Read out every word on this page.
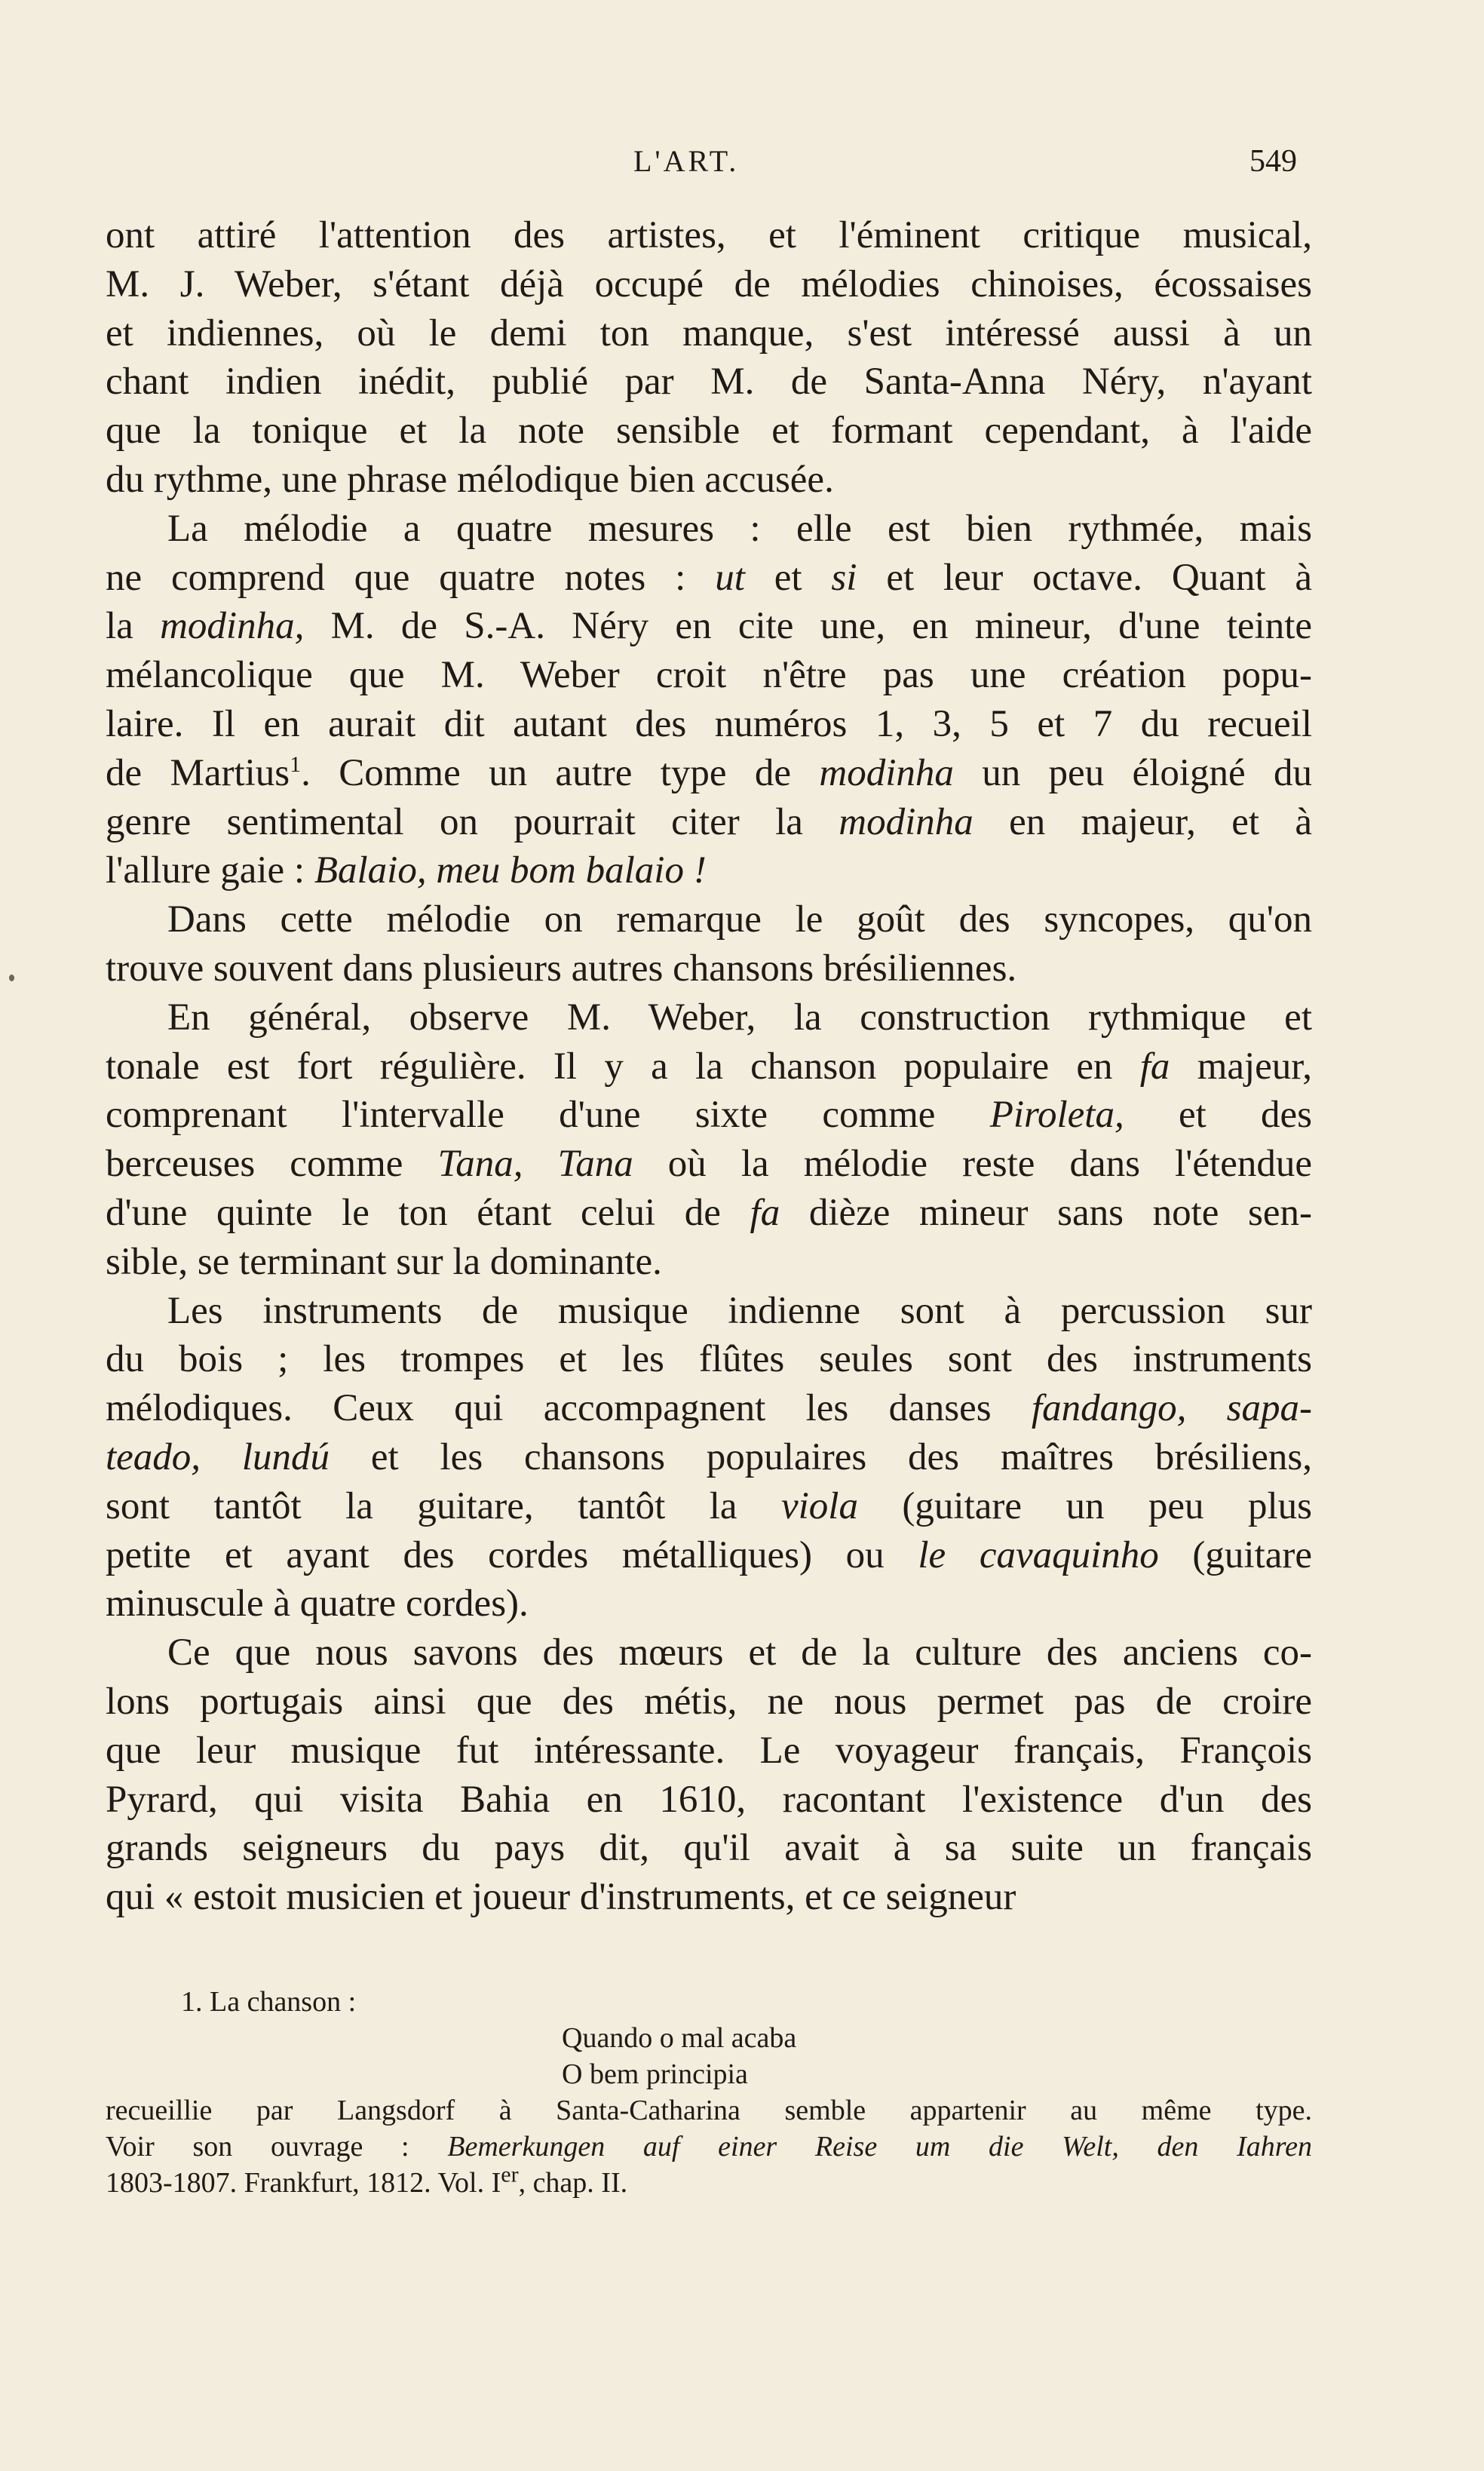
L'ART.	549

ont attiré l'attention des artistes, et l'éminent critique musical,
M. J. Weber, s'étant déjà occupé de mélodies chinoises, écossaises
et indiennes, où le demi ton manque, s'est intéressé aussi à un
chant indien inédit, publié par M. de Santa-Anna Néry, n'ayant
que la tonique et la note sensible et formant cependant, à l'aide
du rythme, une phrase mélodique bien accusée.

La mélodie a quatre mesures : elle est bien rythmée, mais
ne comprend que quatre notes : ut et si et leur octave. Quant à
la modinha, M. de S.-A. Néry en cite une, en mineur, d'une teinte
mélancolique que M. Weber croit n'être pas une création popu-
laire. Il en aurait dit autant des numéros 1, 3, 5 et 7 du recueil
de Martius$^1$. Comme un autre type de modinha un peu éloigné du
genre sentimental on pourrait citer la modinha en majeur, et à
l'allure gaie : Balaio, meu bom balaio !

Dans cette mélodie on remarque le goût des syncopes, qu'on
trouve souvent dans plusieurs autres chansons brésiliennes.

En général, observe M. Weber, la construction rythmique et
tonale est fort régulière. Il y a la chanson populaire en fa majeur,
comprenant l'intervalle d'une sixte comme Piroleta, et des
berceuses comme Tana, Tana où la mélodie reste dans l'étendue
d'une quinte le ton étant celui de fa dièze mineur sans note sen-
sible, se terminant sur la dominante.

Les instruments de musique indienne sont à percussion sur
du bois ; les trompes et les flûtes seules sont des instruments
mélodiques. Ceux qui accompagnent les danses fandango, sapa-
teado, lundú et les chansons populaires des maîtres brésiliens,
sont tantôt la guitare, tantôt la viola (guitare un peu plus
petite et ayant des cordes métalliques) ou le cavaquinho (guitare
minuscule à quatre cordes).

Ce que nous savons des mœurs et de la culture des anciens co-
lons portugais ainsi que des métis, ne nous permet pas de croire
que leur musique fut intéressante. Le voyageur français, François
Pyrard, qui visita Bahia en 1610, racontant l'existence d'un des
grands seigneurs du pays dit, qu'il avait à sa suite un français
qui « estoit musicien et joueur d'instruments, et ce seigneur

1. La chanson :
Quando o mal acaba
O bem principia
recueillie par Langsdorf à Santa-Catharina semble appartenir au même type.
Voir son ouvrage : Bemerkungen auf einer Reise um die Welt, den Iahren
1803-1807. Frankfurt, 1812. Vol. Ier, chap. II.
